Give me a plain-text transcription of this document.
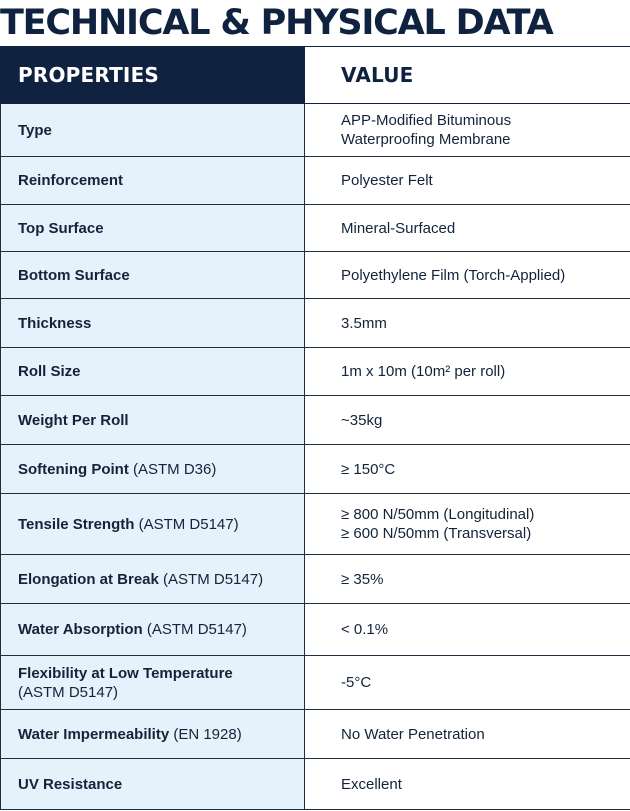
TECHNICAL & PHYSICAL DATA
PROPERTIES	VALUE
Type	APP-Modified Bituminous
Waterproofing Membrane

Reinforcement	Polyester Felt

Top Surface	Mineral-Surfaced

Bottom Surface	Polyethylene Film (Torch-Applied)

Thickness	3.5mm

Roll Size	1m x 10m (10m² per roll)

Weight Per Roll	~35kg

Softening Point (ASTM D36)	≥ 150°C

Tensile Strength (ASTM D5147)	≥ 800 N/50mm (Longitudinal)
≥ 600 N/50mm (Transversal)

Elongation at Break (ASTM D5147)	≥ 35%

Water Absorption (ASTM D5147)	< 0.1%

Flexibility at Low Temperature
(ASTM D5147)	-5°C

Water Impermeability (EN 1928)	No Water Penetration

UV Resistance	Excellent
